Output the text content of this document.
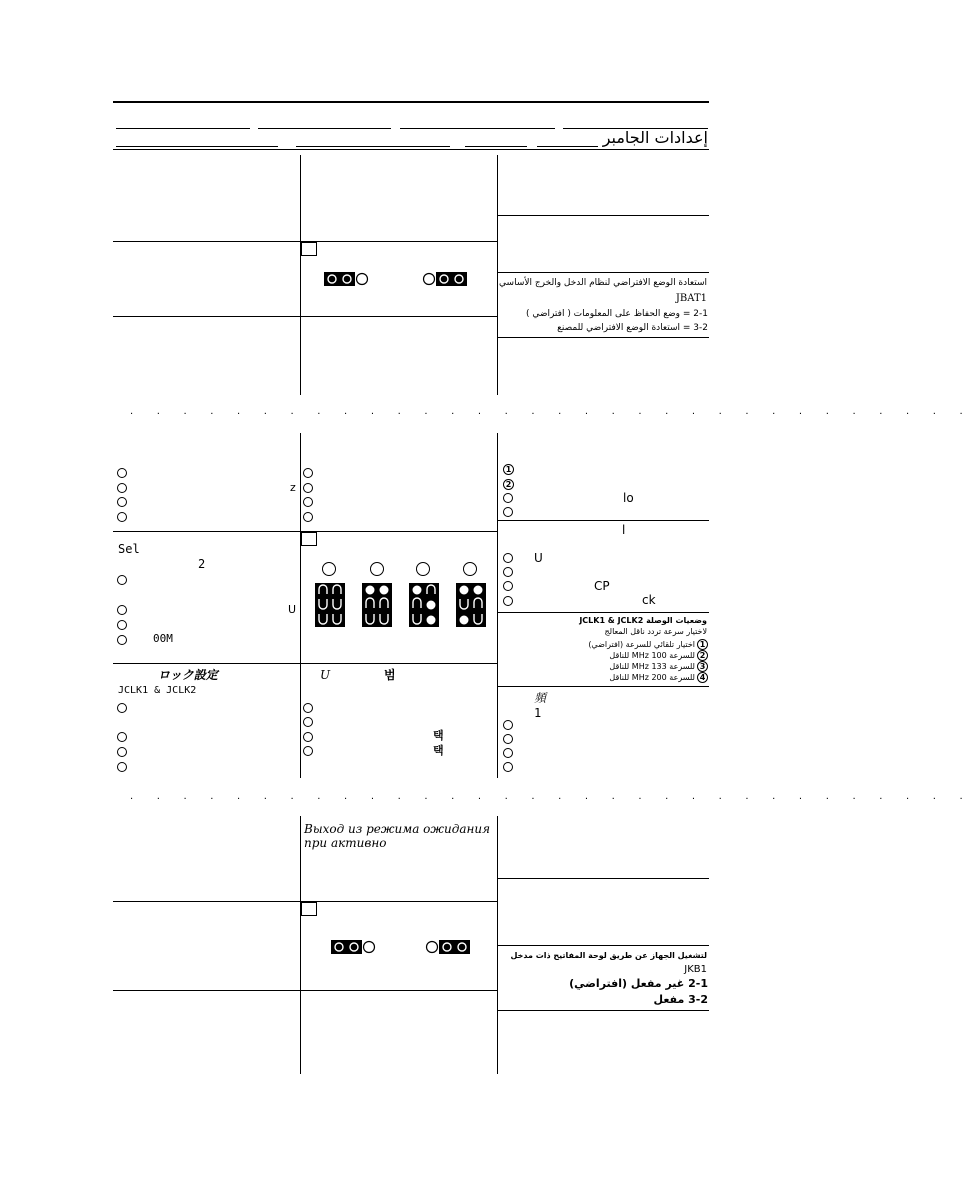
إعدادات الجامبر
استعادة الوضع الافتراضي لنظام الدخل والخرج الأساسي
JBAT1
2-1 = وضع الحفاظ على المعلومات ( افتراضي )
3-2 = استعادة الوضع الافتراضي للمصنع
. . . . . . . . . . . . . . . . . . . . . . . . . . . . . . . .
z
1
2
lo
Sel
2
U
00M
l
U
CP
ck
وضعيات الوصلة JCLK1 & JCLK2
لاختيار سرعة تردد ناقل المعالج
1
اختيار تلقائي للسرعة (افتراضي)
2
للسرعة 100 MHz للناقل
3
للسرعة 133 MHz للناقل
4
للسرعة 200 MHz للناقل
ロック設定
JCLK1 & JCLK2
U	범
택
택
頻
1
. . . . . . . . . . . . . . . . . . . . . . . . . . . . . . . .
Выход из режима ожидания при активно
لتشغيل الجهاز عن طريق لوحة المفاتيح ذات مدخل
JKB1
2-1 غير مفعل (افتراضي)
3-2 مفعل
